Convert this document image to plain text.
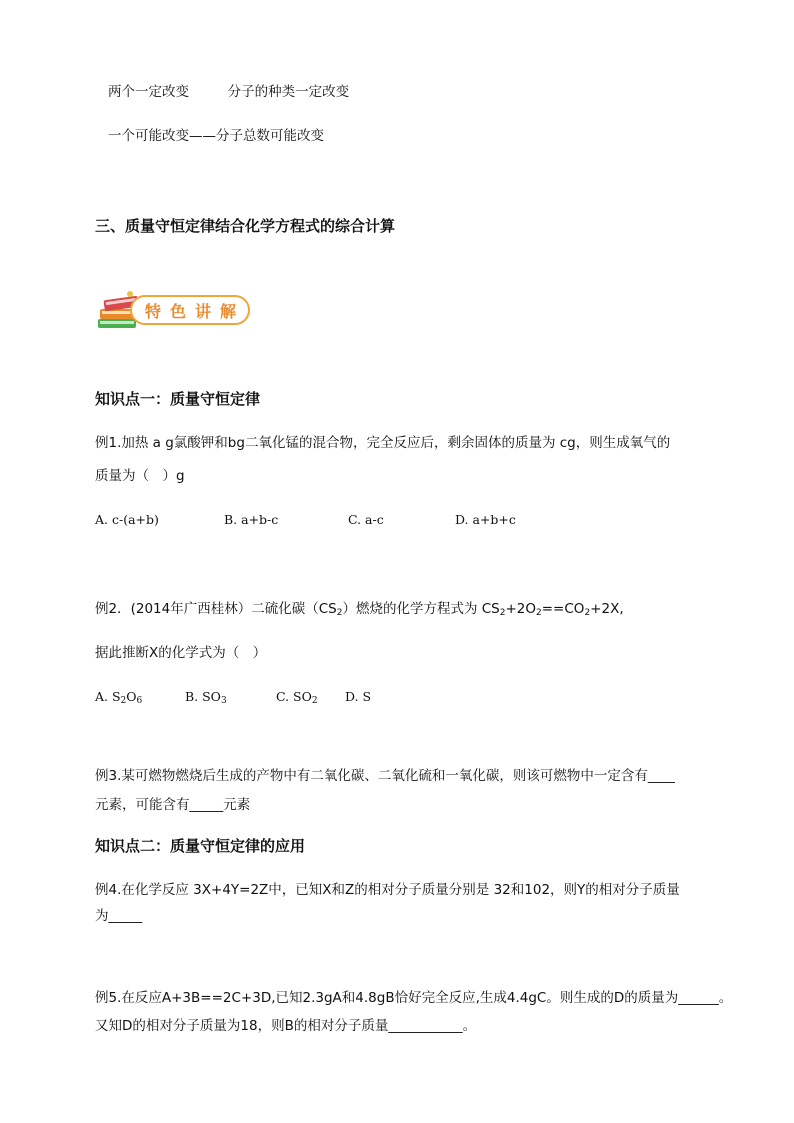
两个一定改变	分子的种类一定改变
一个可能改变——分子总数可能改变
三、质量守恒定律结合化学方程式的综合计算
特色讲解
知识点一：质量守恒定律
例1.加热 a g氯酸钾和bg二氧化锰的混合物，完全反应后，剩余固体的质量为 cg，则生成氧气的
质量为（　）g
A. c-(a+b)	B. a+b-c	C. a-c	D. a+b+c
例2．(2014年广西桂林）二硫化碳$(CS_2)$燃烧的化学方程式为 $CS_2+2O_2==CO_2+2X$,
据此推断X的化学式为（　）
A. $S_2O_6$	B. $SO_3$	C. $SO_2$ D. S
例3.某可燃物燃烧后生成的产物中有二氧化碳、二氧化硫和一氧化碳，则该可燃物中一定含有____
元素，可能含有_____元素
知识点二：质量守恒定律的应用
例4.在化学反应 3X+4Y=2Z中，已知X和Z的相对分子质量分别是 32和102，则Y的相对分子质量
为_____
例5.在反应A+3B==2C+3D,已知2.3gA和4.8gB恰好完全反应,生成4.4gC。则生成的D的质量为______。
又知D的相对分子质量为18，则B的相对分子质量___________。
